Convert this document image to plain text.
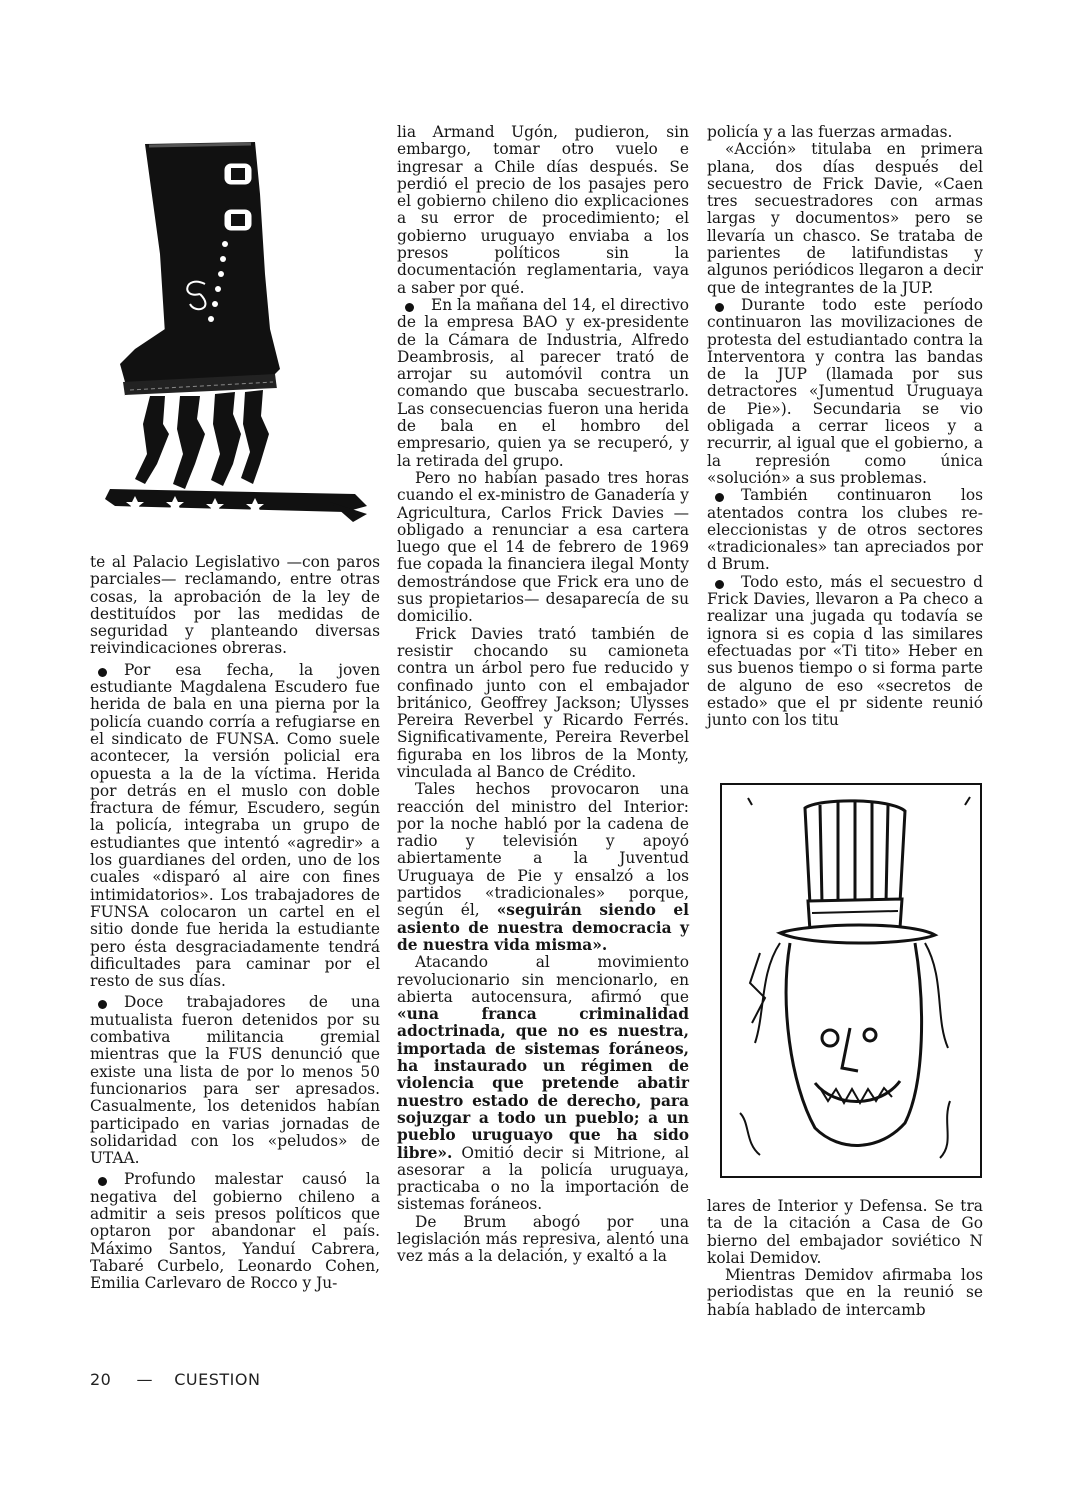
te al Palacio Legislativo —con paros parciales— reclamando, entre otras cosas, la aprobación de la ley de destituídos por las medidas de seguridad y planteando diversas reivindicaciones obreras.

Por esa fecha, la joven estudiante Magdalena Escudero fue herida de bala en una pierna por la policía cuando corría a refugiarse en el sindicato de FUNSA. Como suele acontecer, la versión policial era opuesta a la de la víctima. Herida por detrás en el muslo con doble fractura de fémur, Escudero, según la policía, integraba un grupo de estudiantes que intentó «agredir» a los guardianes del orden, uno de los cuales «disparó al aire con fines intimidatorios». Los trabajadores de FUNSA colocaron un cartel en el sitio donde fue herida la estudiante pero ésta desgraciadamente tendrá dificultades para caminar por el resto de sus días.

Doce trabajadores de una mutualista fueron detenidos por su combativa militancia gremial mientras que la FUS denunció que existe una lista de por lo menos 50 funcionarios para ser apresados. Casualmente, los detenidos habían participado en varias jornadas de solidaridad con los «peludos» de UTAA.

Profundo malestar causó la negativa del gobierno chileno a admitir a seis presos políticos que optaron por abandonar el país. Máximo Santos, Yanduí Cabrera, Tabaré Curbelo, Leonardo Cohen, Emilia Carlevaro de Rocco y Ju-

lia Armand Ugón, pudieron, sin embargo, tomar otro vuelo e ingresar a Chile días después. Se perdió el precio de los pasajes pero el gobierno chileno dio explicaciones a su error de procedimiento; el gobierno uruguayo enviaba a los presos políticos sin la documentación reglamentaria, vaya a saber por qué.

En la mañana del 14, el directivo de la empresa BAO y ex-presidente de la Cámara de Industria, Alfredo Deambrosis, al parecer trató de arrojar su automóvil contra un comando que buscaba secuestrarlo. Las consecuencias fueron una herida de bala en el hombro del empresario, quien ya se recuperó, y la retirada del grupo.

Pero no habían pasado tres horas cuando el ex-ministro de Ganadería y Agricultura, Carlos Frick Davies —obligado a renunciar a esa cartera luego que el 14 de febrero de 1969 fue copada la financiera ilegal Monty demostrándose que Frick era uno de sus propietarios— desaparecía de su domicilio.

Frick Davies trató también de resistir chocando su camioneta contra un árbol pero fue reducido y confinado junto con el embajador británico, Geoffrey Jackson; Ulysses Pereira Reverbel y Ricardo Ferrés. Significativamente, Pereira Reverbel figuraba en los libros de la Monty, vinculada al Banco de Crédito.

Tales hechos provocaron una reacción del ministro del Interior: por la noche habló por la cadena de radio y televisión y apoyó abiertamente a la Juventud Uruguaya de Pie y ensalzó a los partidos «tradicionales» porque, según él, «seguirán siendo el asiento de nuestra democracia y de nuestra vida misma».

Atacando al movimiento revolucionario sin mencionarlo, en abierta autocensura, afirmó que «una franca criminalidad adoctrinada, que no es nuestra, importada de sistemas foráneos, ha instaurado un régimen de violencia que pretende abatir nuestro estado de derecho, para sojuzgar a todo un pueblo; a un pueblo uruguayo que ha sido libre». Omitió decir si Mitrione, al asesorar a la policía uruguaya, practicaba o no la importación de sistemas foráneos.

De Brum abogó por una legislación más represiva, alentó una vez más a la delación, y exaltó a la

policía y a las fuerzas armadas.

«Acción» titulaba en primera plana, dos días después del secuestro de Frick Davie, «Caen tres secuestradores con armas largas y documentos» pero se llevaría un chasco. Se trataba de parientes de latifundistas y algunos periódicos llegaron a decir que de integrantes de la JUP.

Durante todo este período continuaron las movilizaciones de protesta del estudiantado contra la Interventora y contra las bandas de la JUP (llamada por sus detractores «Jumentud Uruguaya de Pie»). Secundaria se vio obligada a cerrar liceos y a recurrir, al igual que el gobierno, a la represión como única «solución» a sus problemas.

También continuaron los atentados contra los clubes re-eleccionistas y de otros sectores «tradicionales» tan apreciados por d Brum.

Todo esto, más el secuestro d Frick Davies, llevaron a Pa checo a realizar una jugada qu todavía se ignora si es copia d las similares efectuadas por «Ti tito» Heber en sus buenos tiempo o si forma parte de alguno de eso «secretos de estado» que el pr sidente reunió junto con los titu

lares de Interior y Defensa. Se tra ta de la citación a Casa de Go bierno del embajador soviético N kolai Demidov.

Mientras Demidov afirmaba los periodistas que en la reunió se había hablado de intercamb

20 — CUESTION
